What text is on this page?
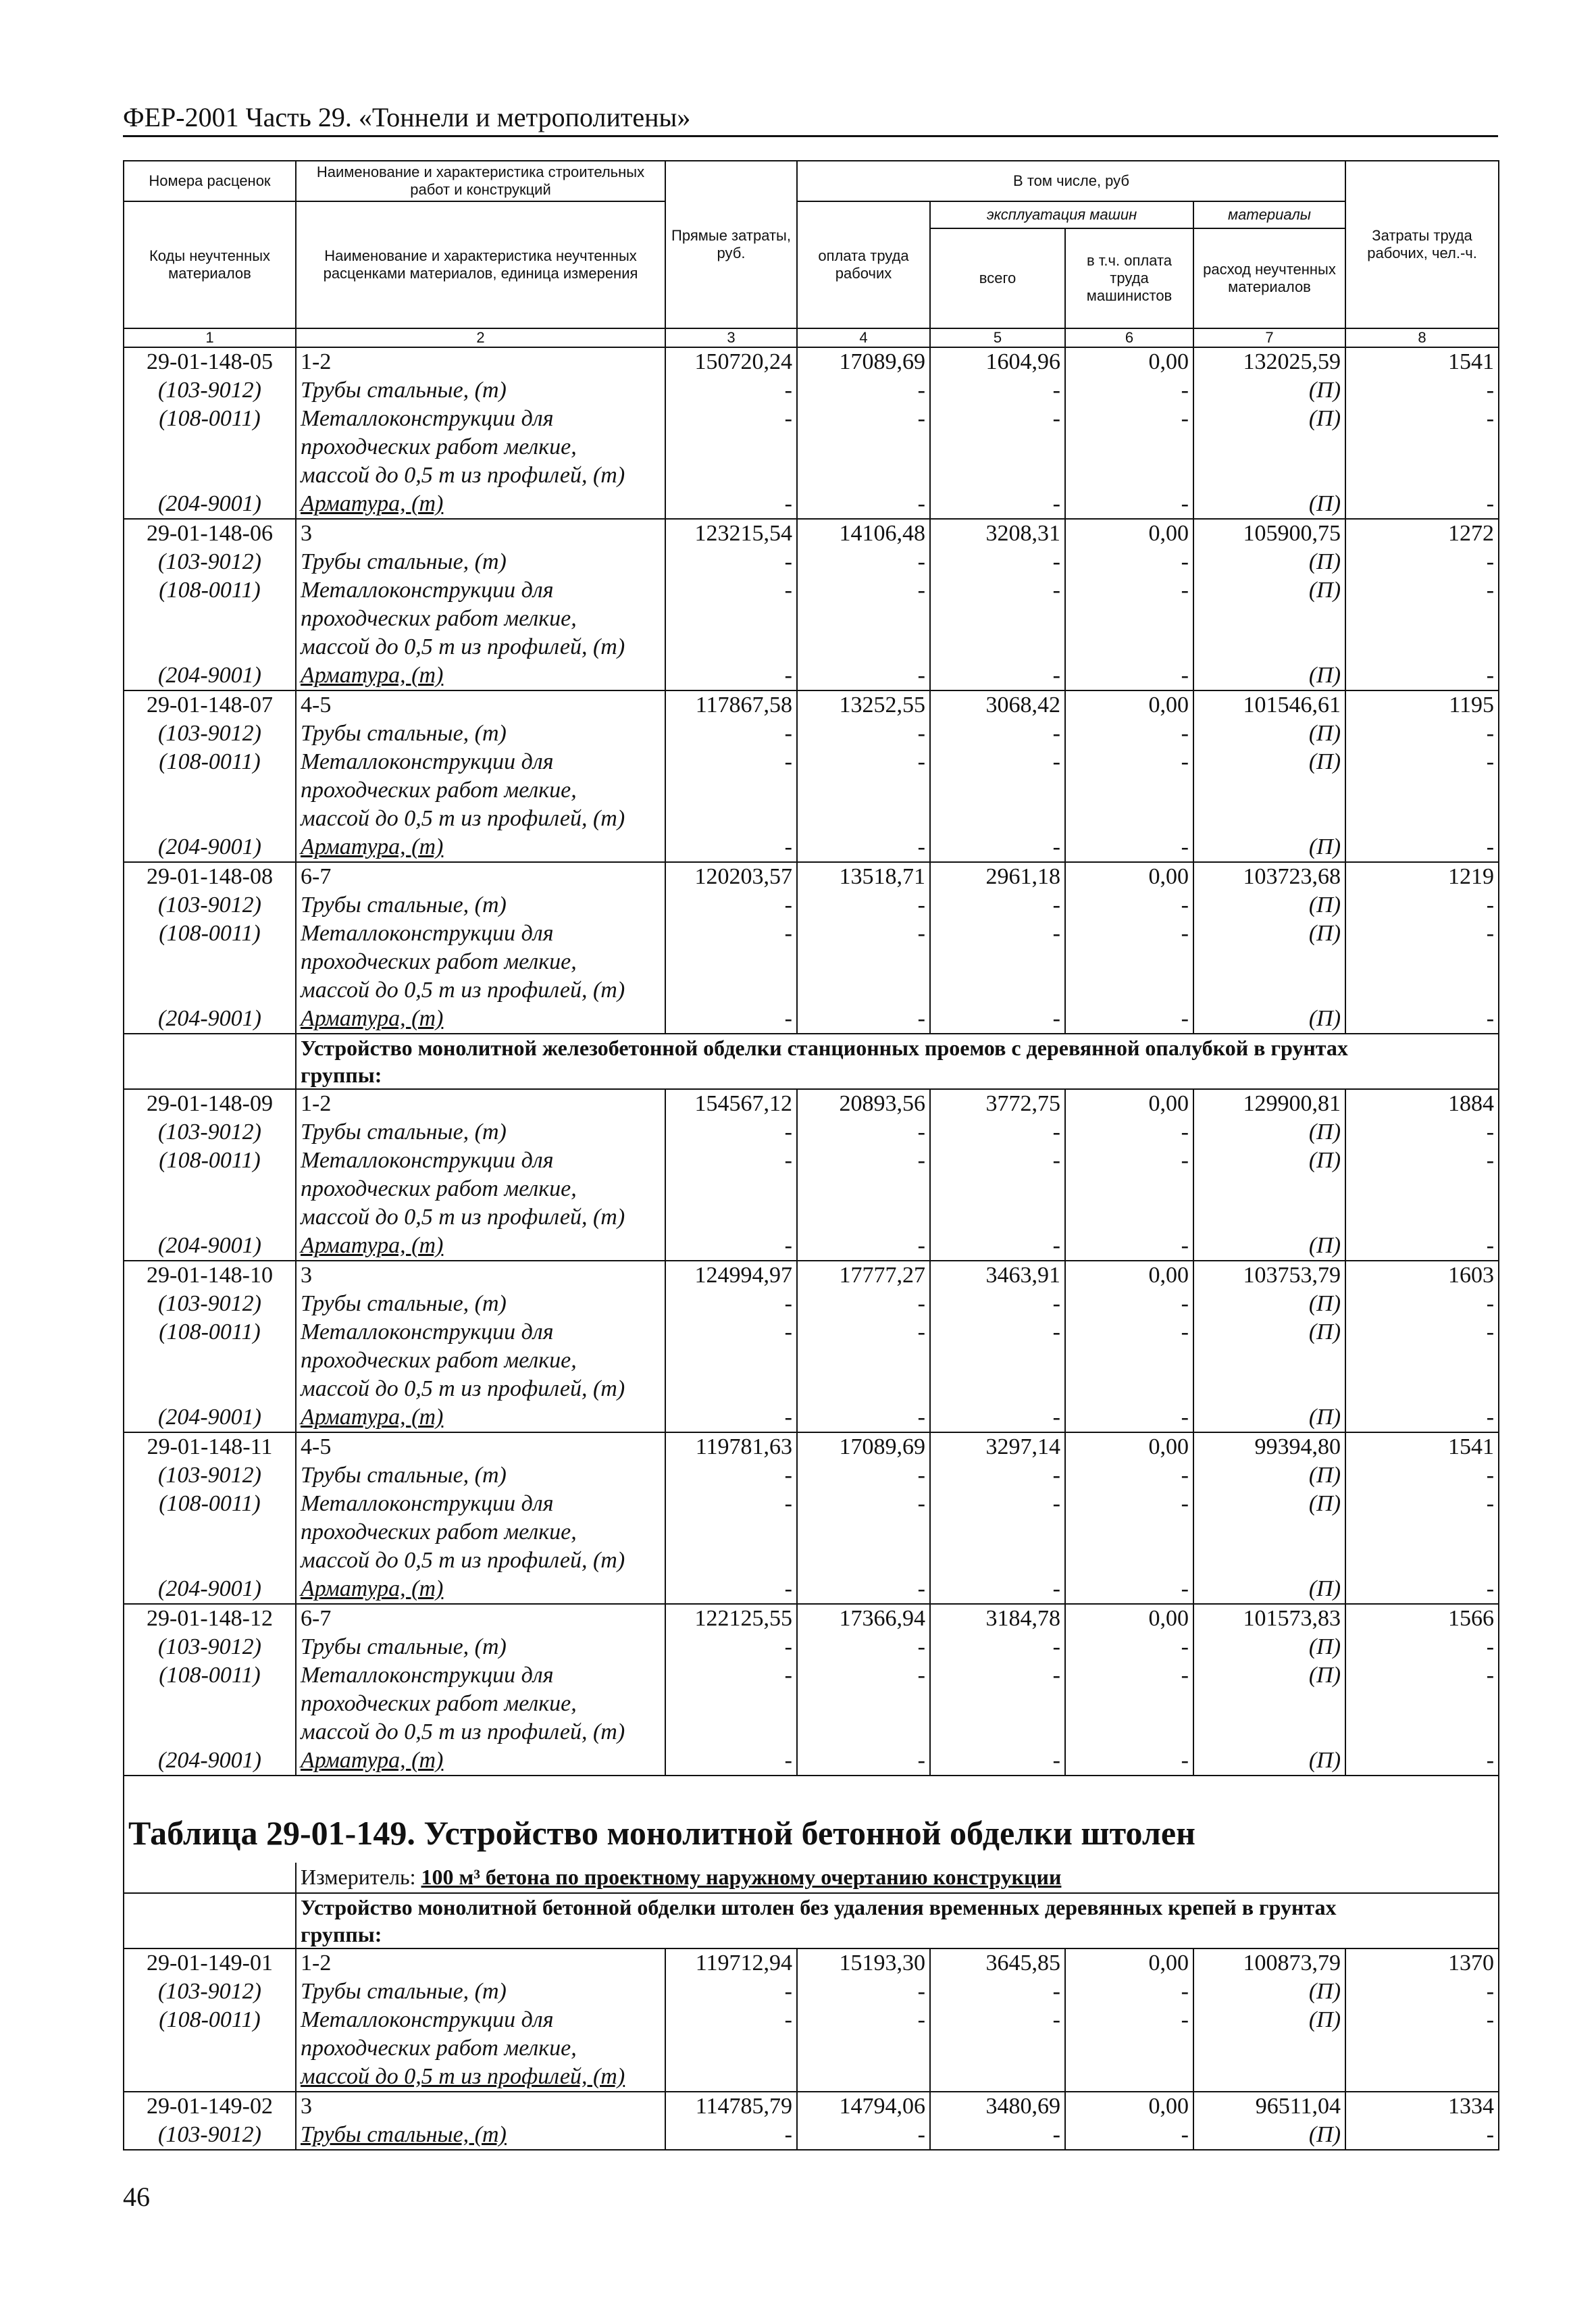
ФЕР-2001 Часть 29. «Тоннели и метрополитены»
Номера расценок	Наименование и характеристика строительных работ и конструкций	Прямые затраты, руб.	В том числе, руб				Затраты труда рабочих, чел.-ч.
Коды неучтенных материалов	Наименование и характеристика неучтенных расценками материалов, единица измерения		оплата труда рабочих	эксплуатация машин		материалы	
				всего	в т.ч. оплата труда машинистов	расход неучтенных материалов	
1	2	3	4	5	6	7	8
29-01-148-05	1-2	150720,24	17089,69	1604,96	0,00	132025,59	1541
(103-9012)	Трубы стальные, (т)	-	-	-	-	(П)	-
(108-0011)	Металлоконструкции для	-	-	-	-	(П)	-
	проходческих работ мелкие,						
	массой до 0,5 т из профилей, (т)						
(204-9001)	Арматура, (т)	-	-	-	-	(П)	-
29-01-148-06	3	123215,54	14106,48	3208,31	0,00	105900,75	1272
(103-9012)	Трубы стальные, (т)	-	-	-	-	(П)	-
(108-0011)	Металлоконструкции для	-	-	-	-	(П)	-
	проходческих работ мелкие,						
	массой до 0,5 т из профилей, (т)						
(204-9001)	Арматура, (т)	-	-	-	-	(П)	-
29-01-148-07	4-5	117867,58	13252,55	3068,42	0,00	101546,61	1195
(103-9012)	Трубы стальные, (т)	-	-	-	-	(П)	-
(108-0011)	Металлоконструкции для	-	-	-	-	(П)	-
	проходческих работ мелкие,						
	массой до 0,5 т из профилей, (т)						
(204-9001)	Арматура, (т)	-	-	-	-	(П)	-
29-01-148-08	6-7	120203,57	13518,71	2961,18	0,00	103723,68	1219
(103-9012)	Трубы стальные, (т)	-	-	-	-	(П)	-
(108-0011)	Металлоконструкции для	-	-	-	-	(П)	-
	проходческих работ мелкие,						
	массой до 0,5 т из профилей, (т)						
(204-9001)	Арматура, (т)	-	-	-	-	(П)	-

	Устройство монолитной железобетонной обделки станционных проемов с деревянной опалубкой в грунтах
группы:						

29-01-148-09	1-2	154567,12	20893,56	3772,75	0,00	129900,81	1884
(103-9012)	Трубы стальные, (т)	-	-	-	-	(П)	-
(108-0011)	Металлоконструкции для	-	-	-	-	(П)	-
	проходческих работ мелкие,						
	массой до 0,5 т из профилей, (т)						
(204-9001)	Арматура, (т)	-	-	-	-	(П)	-
29-01-148-10	3	124994,97	17777,27	3463,91	0,00	103753,79	1603
(103-9012)	Трубы стальные, (т)	-	-	-	-	(П)	-
(108-0011)	Металлоконструкции для	-	-	-	-	(П)	-
	проходческих работ мелкие,						
	массой до 0,5 т из профилей, (т)						
(204-9001)	Арматура, (т)	-	-	-	-	(П)	-
29-01-148-11	4-5	119781,63	17089,69	3297,14	0,00	99394,80	1541
(103-9012)	Трубы стальные, (т)	-	-	-	-	(П)	-
(108-0011)	Металлоконструкции для	-	-	-	-	(П)	-
	проходческих работ мелкие,						
	массой до 0,5 т из профилей, (т)						
(204-9001)	Арматура, (т)	-	-	-	-	(П)	-
29-01-148-12	6-7	122125,55	17366,94	3184,78	0,00	101573,83	1566
(103-9012)	Трубы стальные, (т)	-	-	-	-	(П)	-
(108-0011)	Металлоконструкции для	-	-	-	-	(П)	-
	проходческих работ мелкие,						
	массой до 0,5 т из профилей, (т)						
(204-9001)	Арматура, (т)	-	-	-	-	(П)	-

Таблица 29-01-149. Устройство монолитной бетонной обделки штолен							
	Измеритель: 100 м³ бетона по проектному наружному очертанию конструкции						

	Устройство монолитной бетонной обделки штолен без удаления временных деревянных крепей в грунтах
группы:						

29-01-149-01	1-2	119712,94	15193,30	3645,85	0,00	100873,79	1370
(103-9012)	Трубы стальные, (т)	-	-	-	-	(П)	-
(108-0011)	Металлоконструкции для	-	-	-	-	(П)	-
	проходческих работ мелкие,						
	массой до 0,5 т из профилей, (т)						
29-01-149-02	3	114785,79	14794,06	3480,69	0,00	96511,04	1334
(103-9012)	Трубы стальные, (т)	-	-	-	-	(П)	-
46
